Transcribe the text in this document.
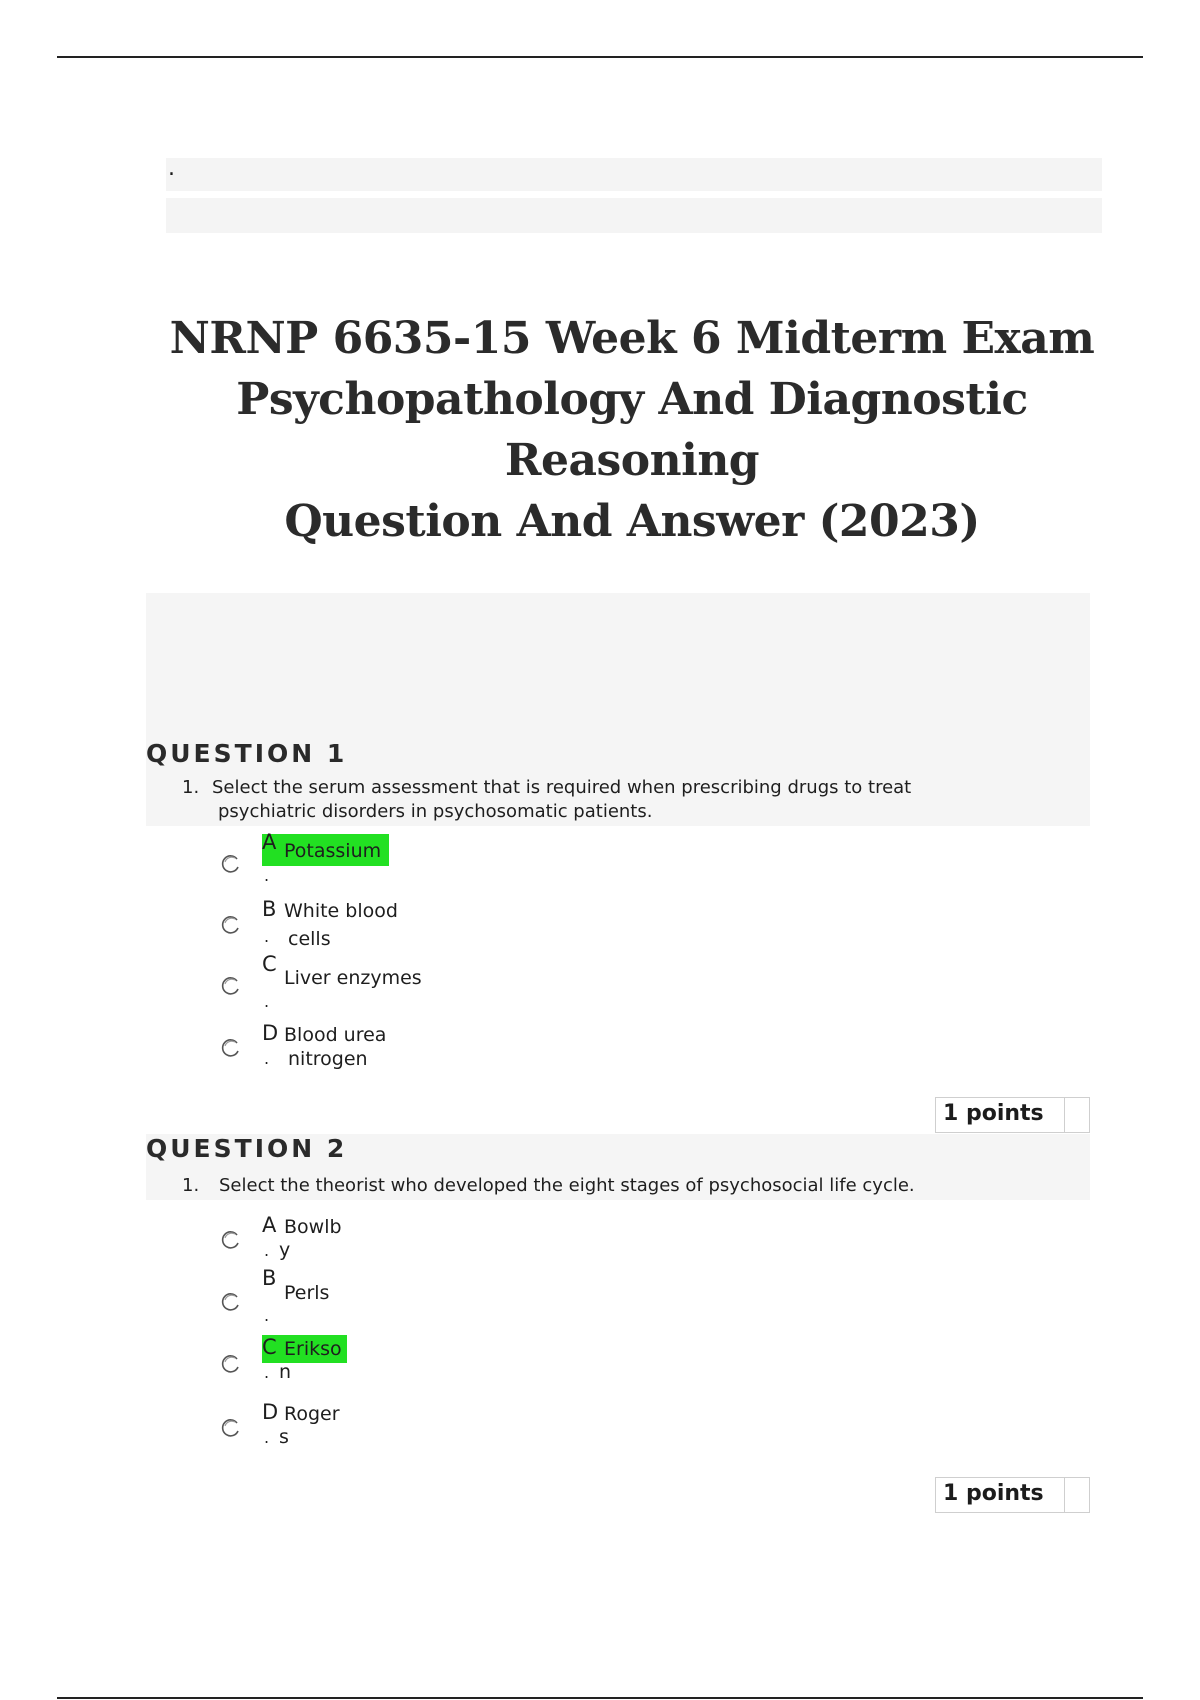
.
NRNP 6635-15 Week 6 Midterm Exam
Psychopathology And Diagnostic Reasoning
Question And Answer (2023)
QUESTION 1
1. Select the serum assessment that is required when prescribing drugs to treat
psychiatric disorders in psychosomatic patients.
A Potassium
.
B White blood
. cells
C
Liver enzymes
.
D Blood urea
. nitrogen
1 points
QUESTION 2
1. Select the theorist who developed the eight stages of psychosocial life cycle.
A Bowlb
. y
B
Perls
.
C Erikso
. n
D Roger
. s
1 points
